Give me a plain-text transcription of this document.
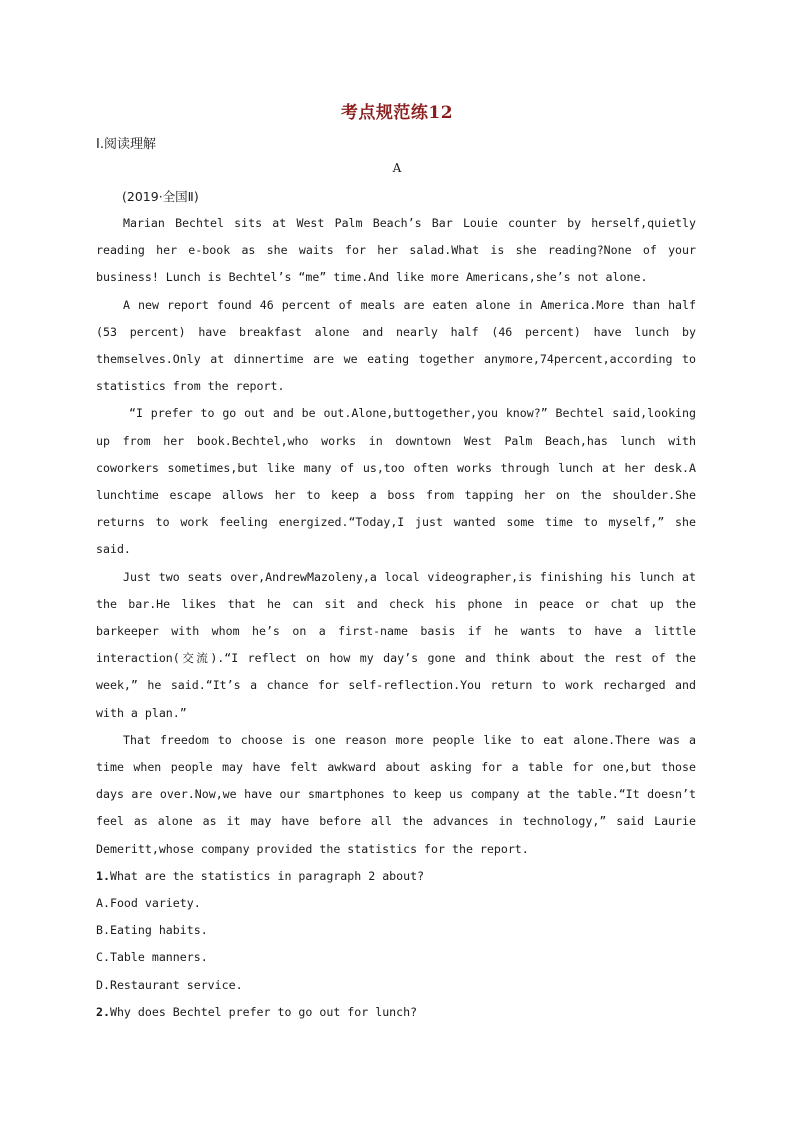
考点规范练12
Ⅰ.阅读理解
A
(2019·全国Ⅱ)

Marian Bechtel sits at West Palm Beach’s Bar Louie counter by herself,quietly reading her e-book as she waits for her salad.What is she reading?None of your business! Lunch is Bechtel’s “me” time.And like more Americans,she’s not alone.

A new report found 46 percent of meals are eaten alone in America.More than half (53 percent) have breakfast alone and nearly half (46 percent) have lunch by themselves.Only at dinnertime are we eating together anymore,74percent,according to statistics from the report.

“I prefer to go out and be out.Alone,buttogether,you know?” Bechtel said,looking up from her book.Bechtel,who works in downtown West Palm Beach,has lunch with coworkers sometimes,but like many of us,too often works through lunch at her desk.A lunchtime escape allows her to keep a boss from tapping her on the shoulder.She returns to work feeling energized.“Today,I just wanted some time to myself,” she said.

Just two seats over,AndrewMazoleny,a local videographer,is finishing his lunch at the bar.He likes that he can sit and check his phone in peace or chat up the barkeeper with whom he’s on a first-name basis if he wants to have a little interaction(交流).“I reflect on how my day’s gone and think about the rest of the week,” he said.“It’s a chance for self-reflection.You return to work recharged and with a plan.”

That freedom to choose is one reason more people like to eat alone.There was a time when people may have felt awkward about asking for a table for one,but those days are over.Now,we have our smartphones to keep us company at the table.“It doesn’t feel as alone as it may have before all the advances in technology,” said Laurie Demeritt,whose company provided the statistics for the report.

1.What are the statistics in paragraph 2 about?

A.Food variety.

B.Eating habits.

C.Table manners.

D.Restaurant service.

2.Why does Bechtel prefer to go out for lunch?
